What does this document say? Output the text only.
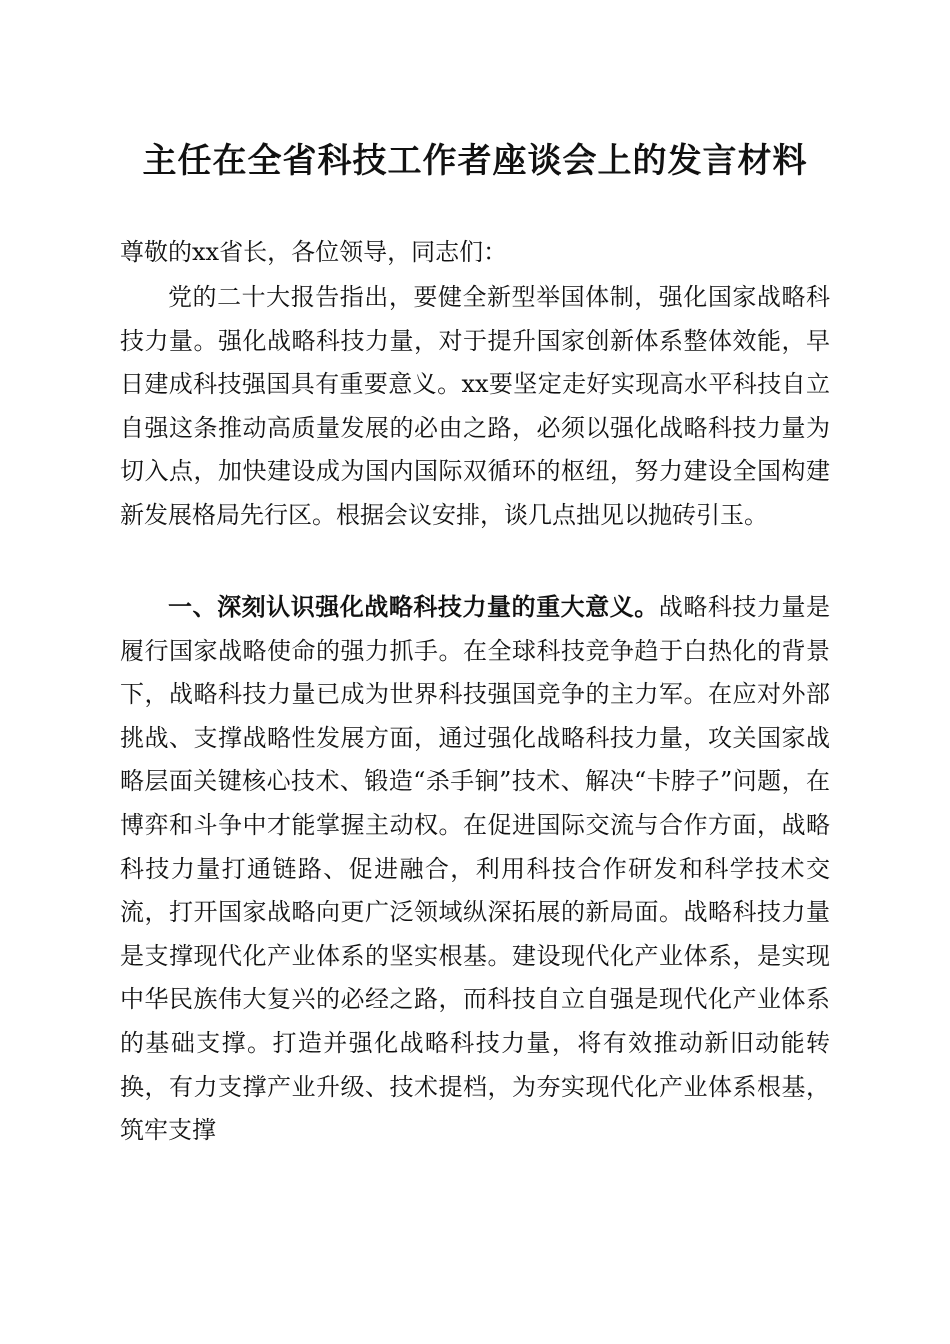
主任在全省科技工作者座谈会上的发言材料
尊敬的xx省长，各位领导，同志们：

党的二十大报告指出，要健全新型举国体制，强化国家战略科技力量。强化战略科技力量，对于提升国家创新体系整体效能，早日建成科技强国具有重要意义。xx要坚定走好实现高水平科技自立自强这条推动高质量发展的必由之路，必须以强化战略科技力量为切入点，加快建设成为国内国际双循环的枢纽，努力建设全国构建新发展格局先行区。根据会议安排，谈几点拙见以抛砖引玉。

一、深刻认识强化战略科技力量的重大意义。战略科技力量是履行国家战略使命的强力抓手。在全球科技竞争趋于白热化的背景下，战略科技力量已成为世界科技强国竞争的主力军。在应对外部挑战、支撑战略性发展方面，通过强化战略科技力量，攻关国家战略层面关键核心技术、锻造“杀手锏”技术、解决“卡脖子”问题，在博弈和斗争中才能掌握主动权。在促进国际交流与合作方面，战略科技力量打通链路、促进融合，利用科技合作研发和科学技术交流，打开国家战略向更广泛领域纵深拓展的新局面。战略科技力量是支撑现代化产业体系的坚实根基。建设现代化产业体系，是实现中华民族伟大复兴的必经之路，而科技自立自强是现代化产业体系的基础支撑。打造并强化战略科技力量，将有效推动新旧动能转换，有力支撑产业升级、技术提档，为夯实现代化产业体系根基，筑牢支撑
